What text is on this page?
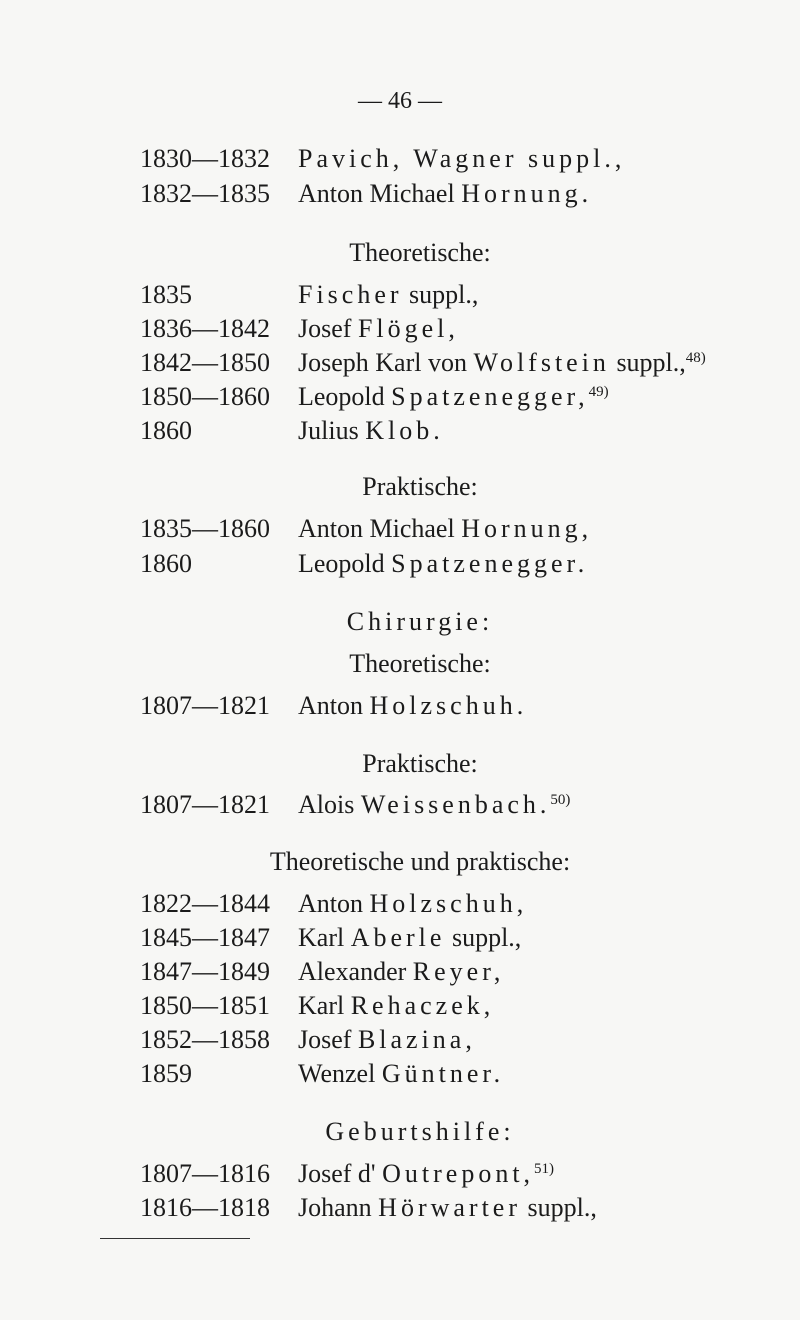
— 46 —
1830—1832 Pavich, Wagner suppl.,
1832—1835 Anton Michael Hornung.
Theoretische:
1835	Fischer suppl.,
1836—1842 Josef Flögel,
1842—1850 Joseph Karl von Wolfstein suppl.,$^{48)}$
1850—1860 Leopold Spatzenegger,$^{49)}$
1860	Julius Klob.
Praktische:
1835—1860 Anton Michael Hornung,
1860	Leopold Spatzenegger.
Chirurgie:
Theoretische:
1807—1821 Anton Holzschuh.
Praktische:
1807—1821 Alois Weissenbach.$^{50)}$
Theoretische und praktische:
1822—1844 Anton Holzschuh,
1845—1847 Karl Aberle suppl.,
1847—1849 Alexander Reyer,
1850—1851 Karl Rehaczek,
1852—1858 Josef Blazina,
1859	Wenzel Güntner.
Geburtshilfe:
1807—1816 Josef d' Outrepont,$^{51)}$
1816—1818 Johann Hörwarter suppl.,
